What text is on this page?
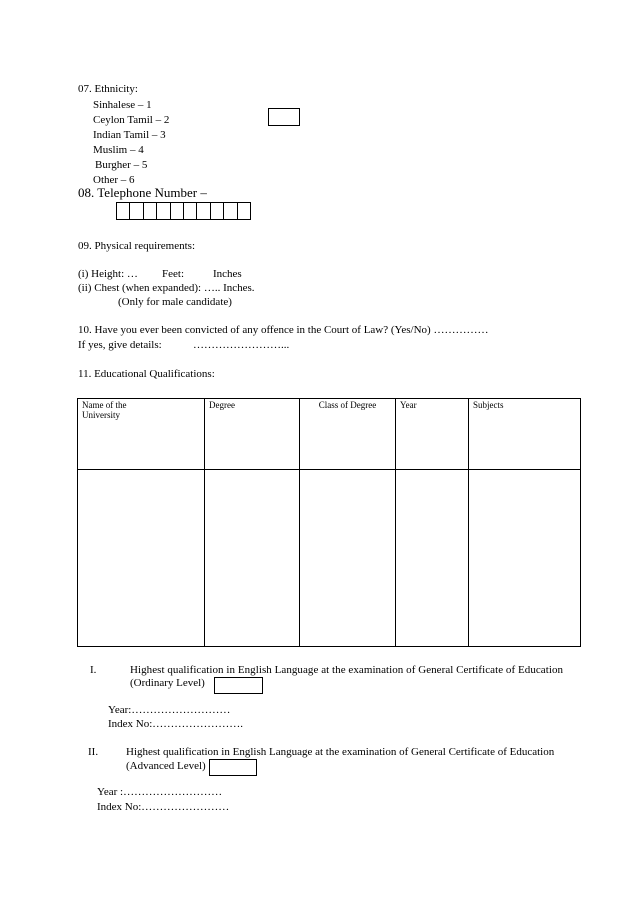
07. Ethnicity:
Sinhalese – 1
Ceylon Tamil – 2
Indian Tamil – 3
Muslim – 4
Burgher – 5
Other – 6
08. Telephone Number –
09. Physical requirements:
(i) Height: … Feet:	Inches
(ii) Chest (when expanded): ….. Inches.
(Only for male candidate)
10. Have you ever been convicted of any offence in the Court of Law? (Yes/No) ……………
If yes, give details:	……………………...
11. Educational Qualifications:
Name of the
University	Degree	Class of Degree	Year	Subjects

I.	Highest qualification in English Language at the examination of General Certificate of Education
(Ordinary Level)
Year:………………………
Index No:…………………….
II.	Highest qualification in English Language at the examination of General Certificate of Education
(Advanced Level)
Year :………………………
Index No:……………………
